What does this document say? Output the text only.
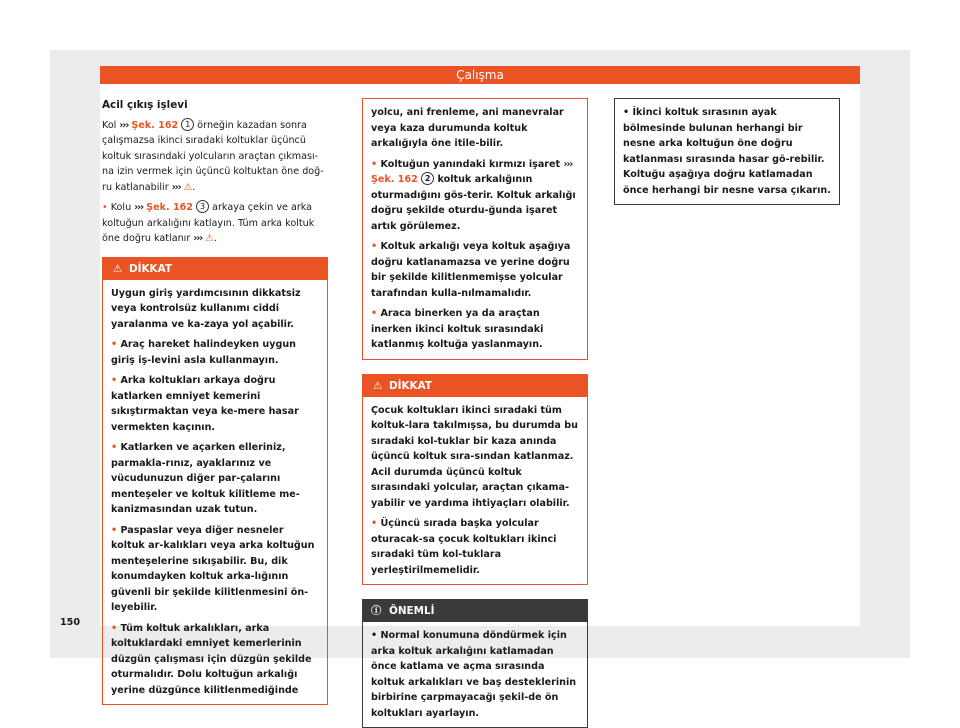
Çalışma

Acil çıkış işlevi

Kol ››› Şek. 162 1 örneğin kazadan sonra çalışmazsa ikinci sıradaki koltuklar üçüncü koltuk sırasındaki yolcuların araçtan çıkması-na izin vermek için üçüncü koltuktan öne doğ-ru katlanabilir ››› ⚠.

• Kolu ››› Şek. 162 3 arkaya çekin ve arka koltuğun arkalığını katlayın. Tüm arka koltuk öne doğru katlanır ››› ⚠.

⚠ DİKKAT

Uygun giriş yardımcısının dikkatsiz veya kontrolsüz kullanımı ciddi yaralanma ve ka-zaya yol açabilir.

• Araç hareket halindeyken uygun giriş iş-levini asla kullanmayın.

• Arka koltukları arkaya doğru katlarken emniyet kemerini sıkıştırmaktan veya ke-mere hasar vermekten kaçının.

• Katlarken ve açarken elleriniz, parmakla-rınız, ayaklarınız ve vücudunuzun diğer par-çalarını menteşeler ve koltuk kilitleme me-kanizmasından uzak tutun.

• Paspaslar veya diğer nesneler koltuk ar-kalıkları veya arka koltuğun menteşelerine sıkışabilir. Bu, dik konumdayken koltuk arka-lığının güvenli bir şekilde kilitlenmesini ön-leyebilir.

• Tüm koltuk arkalıkları, arka koltuklardaki emniyet kemerlerinin düzgün çalışması için düzgün şekilde oturmalıdır. Dolu koltuğun arkalığı yerine düzgünce kilitlenmediğinde

yolcu, ani frenleme, ani manevralar veya kaza durumunda koltuk arkalığıyla öne itile-bilir.

• Koltuğun yanındaki kırmızı işaret ››› Şek. 162 2 koltuk arkalığının oturmadığını gös-terir. Koltuk arkalığı doğru şekilde oturdu-ğunda işaret artık görülemez.

• Koltuk arkalığı veya koltuk aşağıya doğru katlanamazsa ve yerine doğru bir şekilde kilitlenmemişse yolcular tarafından kulla-nılmamalıdır.

• Araca binerken ya da araçtan inerken ikinci koltuk sırasındaki katlanmış koltuğa yaslanmayın.

⚠ DİKKAT

Çocuk koltukları ikinci sıradaki tüm koltuk-lara takılmışsa, bu durumda bu sıradaki kol-tuklar bir kaza anında üçüncü koltuk sıra-sından katlanmaz. Acil durumda üçüncü koltuk sırasındaki yolcular, araçtan çıkama-yabilir ve yardıma ihtiyaçları olabilir.

• Üçüncü sırada başka yolcular oturacak-sa çocuk koltukları ikinci sıradaki tüm kol-tuklara yerleştirilmemelidir.

ⓘ ÖNEMLİ

• Normal konumuna döndürmek için arka koltuk arkalığını katlamadan önce katlama ve açma sırasında koltuk arkalıkları ve baş desteklerinin birbirine çarpmayacağı şekil-de ön koltukları ayarlayın.

• İkinci koltuk sırasının ayak bölmesinde bulunan herhangi bir nesne arka koltuğun öne doğru katlanması sırasında hasar gö-rebilir. Koltuğu aşağıya doğru katlamadan önce herhangi bir nesne varsa çıkarın.

150
